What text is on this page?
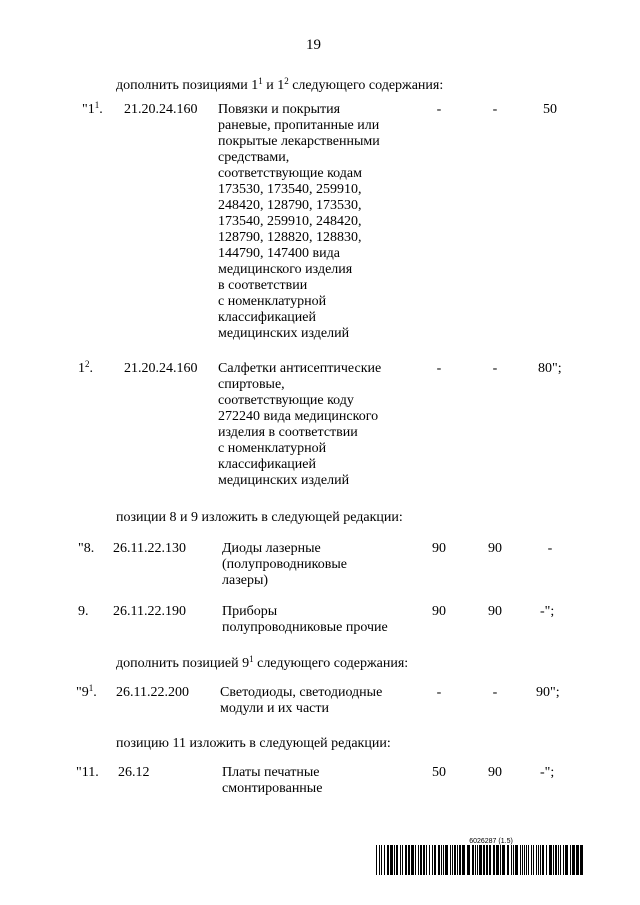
19
дополнить позициями $1^1$ и $1^2$ следующего содержания:
"$1^1$. 21.20.24.160 Повязки и покрытия
раневые, пропитанные или
покрытые лекарственными
средствами,
соответствующие кодам
173530, 173540, 259910,
248420, 128790, 173530,
173540, 259910, 248420,
128790, 128820, 128830,
144790, 147400 вида
медицинского изделия
в соответствии
с номенклатурной
классификацией
медицинских изделий
-	-	50
$1^2$. 21.20.24.160 Салфетки антисептические
спиртовые,
соответствующие коду
272240 вида медицинского
изделия в соответствии
с номенклатурной
классификацией
медицинских изделий
-	-	80";
позиции 8 и 9 изложить в следующей редакции:
"8. 26.11.22.130	Диоды лазерные
(полупроводниковые
лазеры)
90	90	-
9. 26.11.22.190	Приборы
полупроводниковые прочие
90	90	-";
дополнить позицией $9^1$ следующего содержания:
"$9^1$. 26.11.22.200 Светодиоды, светодиодные
модули и их части
-	-	90";
позицию 11 изложить в следующей редакции:
"11. 26.12	Платы печатные
смонтированные
50	90	-";
6026287 (1.5)
